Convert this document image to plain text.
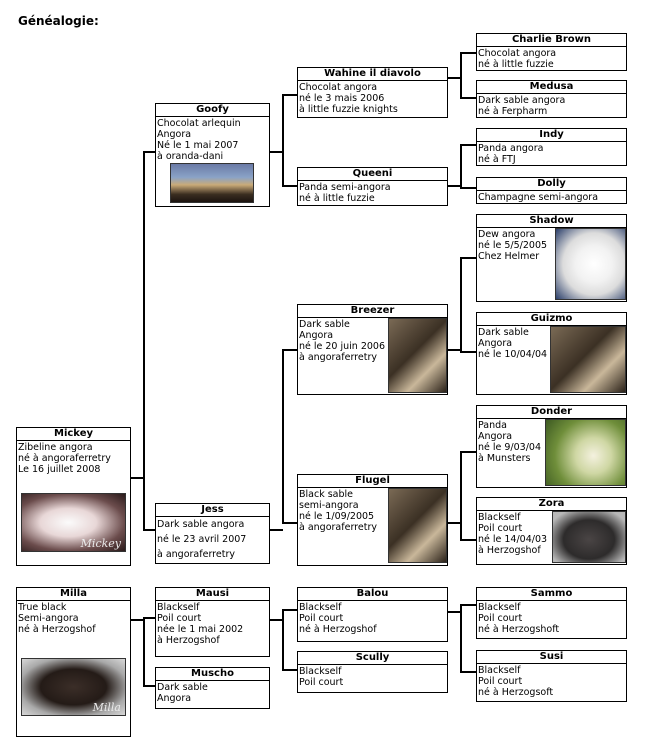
Généalogie:
Mickey
Zibeline angora
né à angoraferretry
Le 16 juillet 2008
Mickey
Goofy
Chocolat arlequin
Angora
Né le 1 mai 2007
à oranda-dani
Jess
Dark sable angora
né le 23 avril 2007
à angoraferretry
Wahine il diavolo
Chocolat angora
né le 3 mais 2006
à little fuzzie knights
Queeni
Panda semi-angora
né à little fuzzie
Breezer
Dark sable
Angora
né le 20 juin 2006
à angoraferretry
Flugel
Black sable
semi-angora
né le 1/09/2005
à angoraferretry
Charlie Brown
Chocolat angora
né à little fuzzie
Medusa
Dark sable angora
né à Ferpharm
Indy
Panda angora
né à FTJ
Dolly
Champagne semi-angora
Shadow
Dew angora
né le 5/5/2005
Chez Helmer
Guizmo
Dark sable
Angora
né le 10/04/04
Donder
Panda
Angora
né le 9/03/04
à Munsters
Zora
Blackself
Poil court
né le 14/04/03
à Herzogshof
Milla
True black
Semi-angora
né à Herzogshof
Milla
Mausi
Blackself
Poil court
née le 1 mai 2002
à Herzogshof
Muscho
Dark sable
Angora
Balou
Blackself
Poil court
né à Herzogshof
Scully
Blackself
Poil court
Sammo
Blackself
Poil court
né à Herzogshoft
Susi
Blackself
Poil court
né à Herzogsoft
